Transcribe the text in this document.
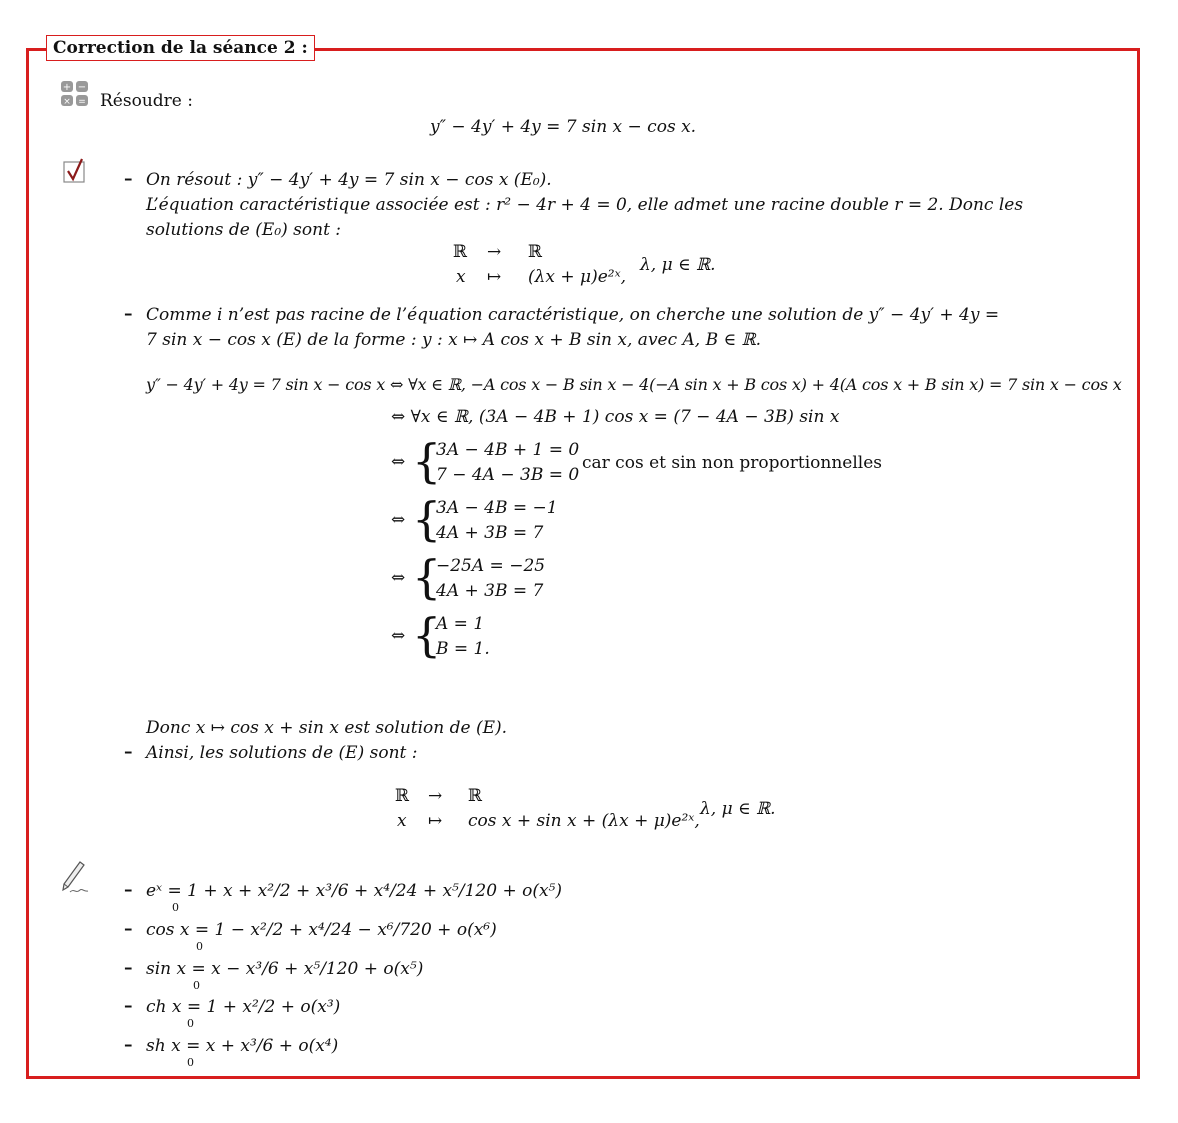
Correction de la séance 2 :
+ −
× = Résoudre :
y″ − 4y′ + 4y = 7 sin x − cos x.
– On résout : y″ − 4y′ + 4y = 7 sin x − cos x (E₀).
L’équation caractéristique associée est : r² − 4r + 4 = 0, elle admet une racine double r = 2. Donc les
solutions de (E₀) sont :
ℝ → ℝ
x ↦ (λx + μ)e²ˣ,
λ, μ ∈ ℝ.
– Comme i n’est pas racine de l’équation caractéristique, on cherche une solution de y″ − 4y′ + 4y =
7 sin x − cos x (E) de la forme : y : x ↦ A cos x + B sin x, avec A, B ∈ ℝ.
y″ − 4y′ + 4y = 7 sin x − cos x ⇔ ∀x ∈ ℝ, −A cos x − B sin x − 4(−A sin x + B cos x) + 4(A cos x + B sin x) = 7 sin x − cos x
⇔ ∀x ∈ ℝ, (3A − 4B + 1) cos x = (7 − 4A − 3B) sin x
⇔ {
3A − 4B + 1 = 0
7 − 4A − 3B = 0
car cos et sin non proportionnelles
⇔ {
3A − 4B = −1
4A + 3B = 7
⇔ {
−25A = −25
4A + 3B = 7
⇔ {
A = 1
B = 1.
Donc x ↦ cos x + sin x est solution de (E).
– Ainsi, les solutions de (E) sont :
ℝ → ℝ
x ↦ cos x + sin x + (λx + μ)e²ˣ,
λ, μ ∈ ℝ.
– eˣ = 1 + x + x²/2 + x³/6 + x⁴/24 + x⁵/120 + o(x⁵)
0
– cos x = 1 − x²/2 + x⁴/24 − x⁶/720 + o(x⁶)
0
– sin x = x − x³/6 + x⁵/120 + o(x⁵)
0
– ch x = 1 + x²/2 + o(x³)
0
– sh x = x + x³/6 + o(x⁴)
0
